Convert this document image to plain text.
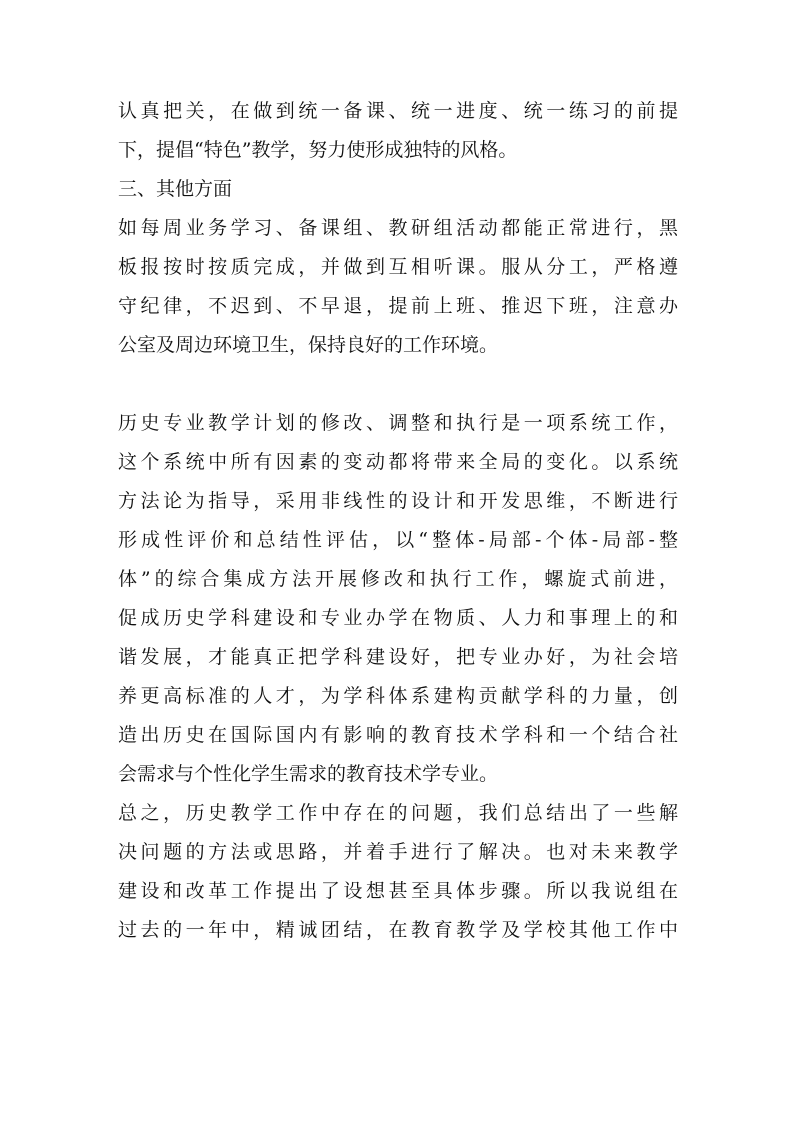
认真把关，在做到统一备课、统一进度、统一练习的前提
下，提倡“特色”教学，努力使形成独特的风格。
三、其他方面
如每周业务学习、备课组、教研组活动都能正常进行，黑
板报按时按质完成，并做到互相听课。服从分工，严格遵
守纪律，不迟到、不早退，提前上班、推迟下班，注意办
公室及周边环境卫生，保持良好的工作环境。
历史专业教学计划的修改、调整和执行是一项系统工作，
这个系统中所有因素的变动都将带来全局的变化。以系统
方法论为指导，采用非线性的设计和开发思维，不断进行
形成性评价和总结性评估，以“整体-局部-个体-局部-整
体”的综合集成方法开展修改和执行工作，螺旋式前进，
促成历史学科建设和专业办学在物质、人力和事理上的和
谐发展，才能真正把学科建设好，把专业办好，为社会培
养更高标准的人才，为学科体系建构贡献学科的力量，创
造出历史在国际国内有影响的教育技术学科和一个结合社
会需求与个性化学生需求的教育技术学专业。
总之，历史教学工作中存在的问题，我们总结出了一些解
决问题的方法或思路，并着手进行了解决。也对未来教学
建设和改革工作提出了设想甚至具体步骤。所以我说组在
过去的一年中，精诚团结，在教育教学及学校其他工作中
